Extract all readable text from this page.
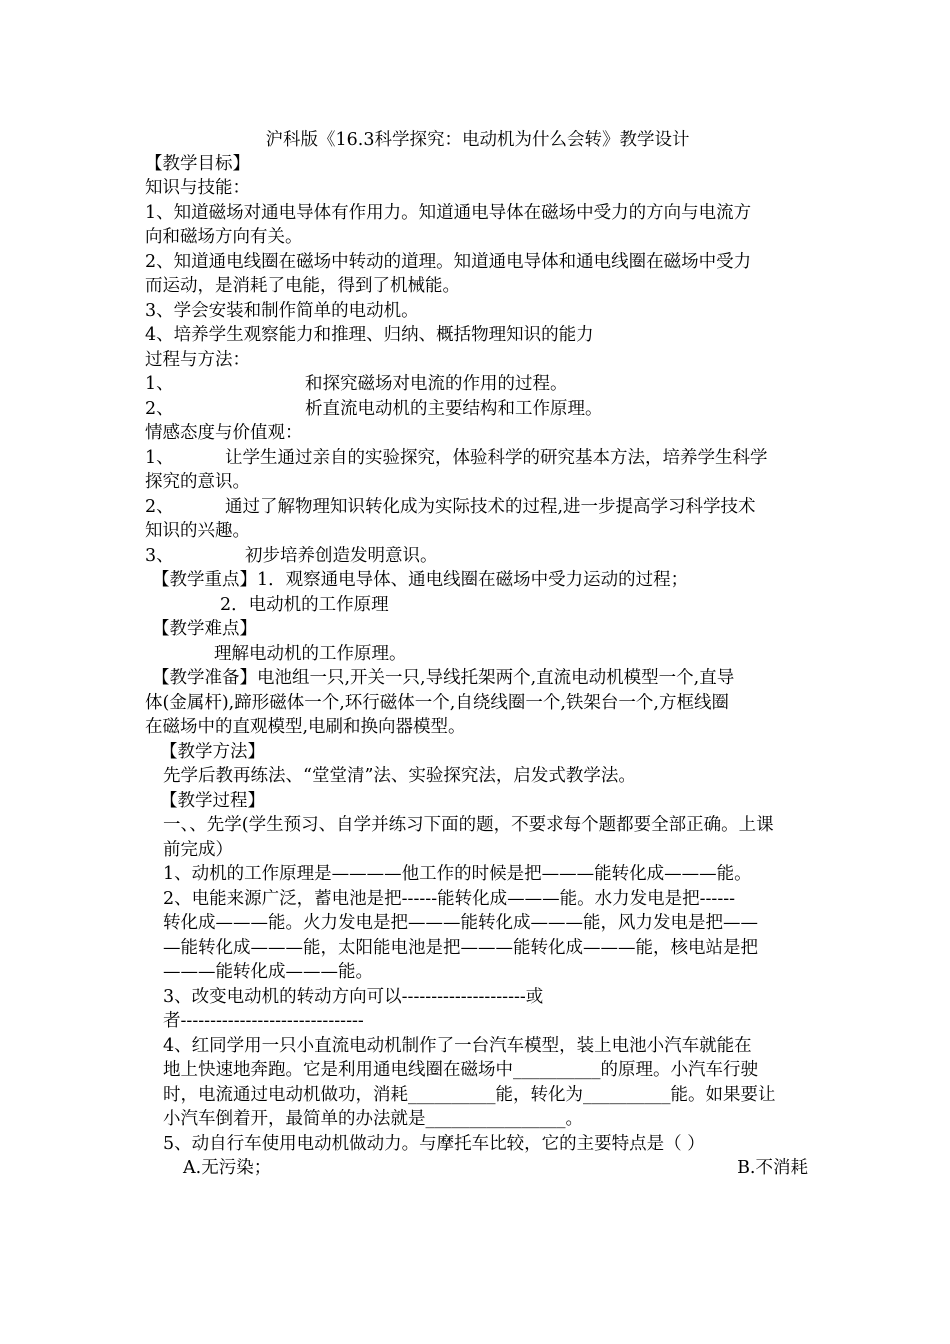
沪科版《16.3科学探究：电动机为什么会转》教学设计
【教学目标】
知识与技能：
1、知道磁场对通电导体有作用力。知道通电导体在磁场中受力的方向与电流方
向和磁场方向有关。
2、知道通电线圈在磁场中转动的道理。知道通电导体和通电线圈在磁场中受力
而运动，是消耗了电能，得到了机械能。
3、学会安装和制作简单的电动机。
4、培养学生观察能力和推理、归纳、概括物理知识的能力
过程与方法：
1、	和探究磁场对电流的作用的过程。
2、	析直流电动机的主要结构和工作原理。
情感态度与价值观：
1、	让学生通过亲自的实验探究，体验科学的研究基本方法，培养学生科学
探究的意识。
2、	通过了解物理知识转化成为实际技术的过程,进一步提高学习科学技术
知识的兴趣。
3、	初步培养创造发明意识。
【教学重点】1．观察通电导体、通电线圈在磁场中受力运动的过程；
2．电动机的工作原理
【教学难点】
理解电动机的工作原理。
【教学准备】电池组一只,开关一只,导线托架两个,直流电动机模型一个,直导
体(金属杆),蹄形磁体一个,环行磁体一个,自绕线圈一个,铁架台一个,方框线圈
在磁场中的直观模型,电刷和换向器模型。
【教学方法】
先学后教再练法、“堂堂清”法、实验探究法，启发式教学法。
【教学过程】
一、、先学(学生预习、自学并练习下面的题，不要求每个题都要全部正确。上课
前完成）
1、动机的工作原理是————他工作的时候是把———能转化成———能。
2、电能来源广泛，蓄电池是把------能转化成———能。水力发电是把------
转化成———能。火力发电是把———能转化成———能，风力发电是把——
—能转化成———能，太阳能电池是把———能转化成———能，核电站是把
———能转化成———能。
3、改变电动机的转动方向可以---------------------或
者-------------------------------
4、红同学用一只小直流电动机制作了一台汽车模型，装上电池小汽车就能在
地上快速地奔跑。它是利用通电线圈在磁场中__________的原理。小汽车行驶
时，电流通过电动机做功，消耗__________能，转化为__________能。如果要让
小汽车倒着开，最简单的办法就是________________。
5、动自行车使用电动机做动力。与摩托车比较，它的主要特点是（ ）
A.无污染；	B.不消耗
